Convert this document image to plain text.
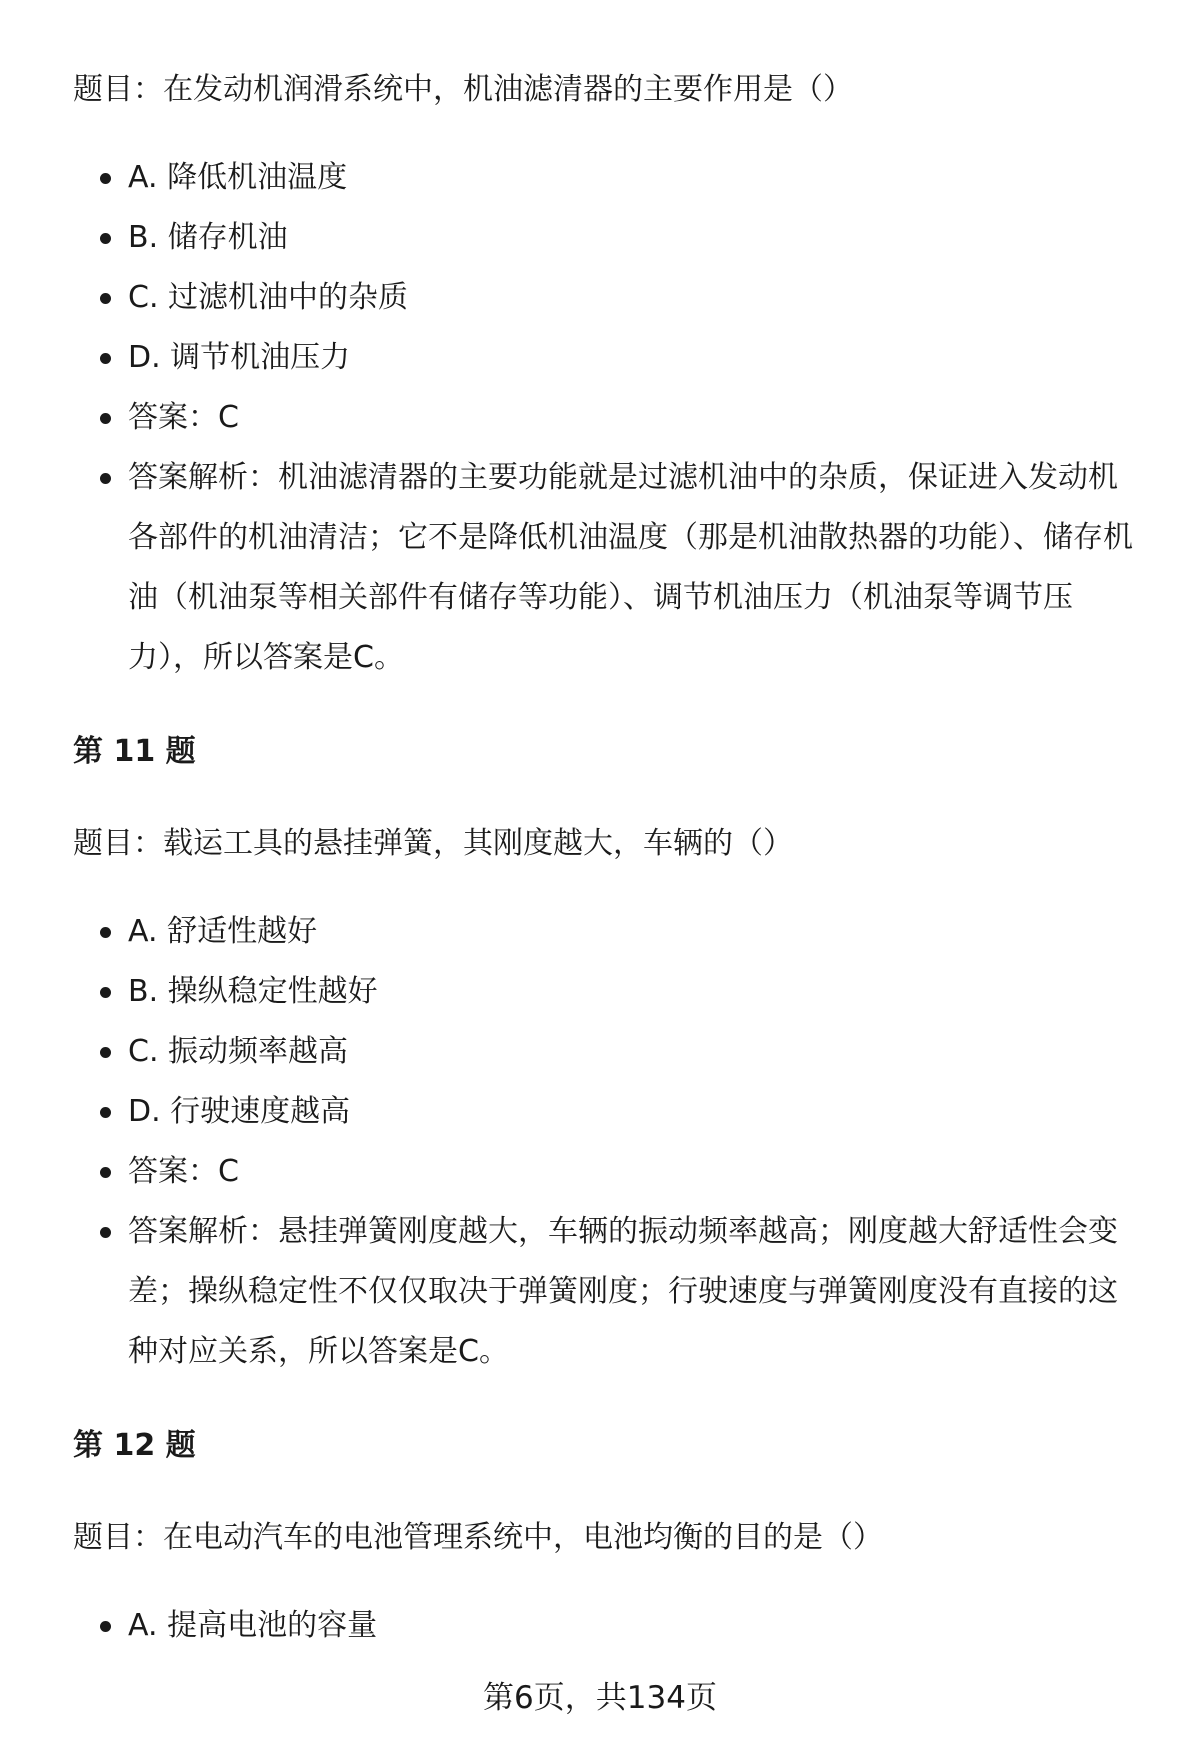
题目：在发动机润滑系统中，机油滤清器的主要作用是（）

A. 降低机油温度
B. 储存机油
C. 过滤机油中的杂质
D. 调节机油压力
答案：C
答案解析：机油滤清器的主要功能就是过滤机油中的杂质，保证进入发动机各部件的机油清洁；它不是降低机油温度（那是机油散热器的功能）、储存机油（机油泵等相关部件有储存等功能）、调节机油压力（机油泵等调节压力），所以答案是C。

第 11 题

题目：载运工具的悬挂弹簧，其刚度越大，车辆的（）

A. 舒适性越好
B. 操纵稳定性越好
C. 振动频率越高
D. 行驶速度越高
答案：C
答案解析：悬挂弹簧刚度越大，车辆的振动频率越高；刚度越大舒适性会变差；操纵稳定性不仅仅取决于弹簧刚度；行驶速度与弹簧刚度没有直接的这种对应关系，所以答案是C。

第 12 题

题目：在电动汽车的电池管理系统中，电池均衡的目的是（）

A. 提高电池的容量
第6页，共134页
